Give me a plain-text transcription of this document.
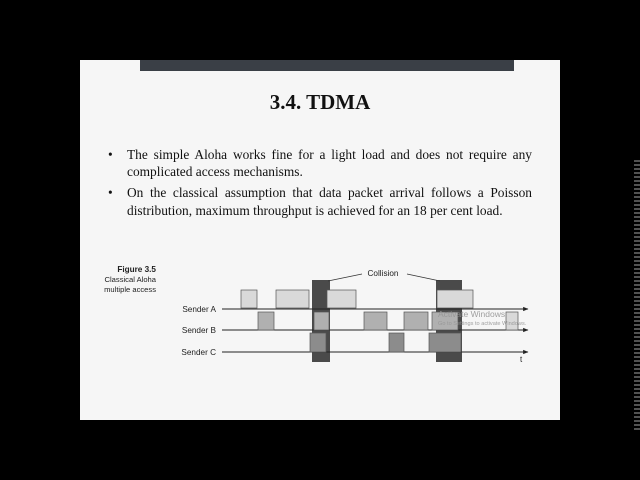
3.4. TDMA
• The simple Aloha works fine for a light load and does not require any complicated access mechanisms.
• On the classical assumption that data packet arrival follows a Poisson distribution, maximum throughput is achieved for an 18 per cent load.
Figure 3.5
Classical Aloha
multiple access
Collision
Sender A
Sender B
Sender C
t
Activate Windows
Go to Settings to activate Windows.
